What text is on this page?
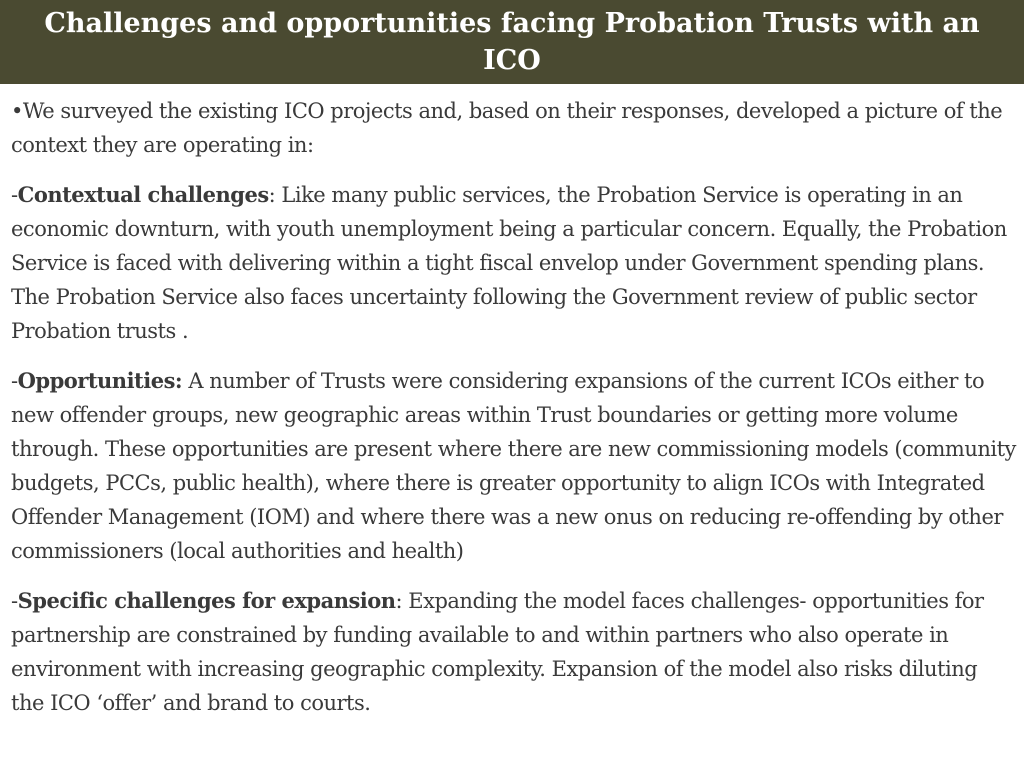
Challenges and opportunities facing Probation Trusts with an ICO

•We surveyed the existing ICO projects and, based on their responses, developed a picture of the context they are operating in:

-Contextual challenges: Like many public services, the Probation Service is operating in an economic downturn, with youth unemployment being a particular concern. Equally, the Probation Service is faced with delivering within a tight fiscal envelop under Government spending plans. The Probation Service also faces uncertainty following the Government review of public sector Probation trusts .

-Opportunities: A number of Trusts were considering expansions of the current ICOs either to new offender groups, new geographic areas within Trust boundaries or getting more volume through. These opportunities are present where there are new commissioning models (community budgets, PCCs, public health), where there is greater opportunity to align ICOs with Integrated Offender Management (IOM) and where there was a new onus on reducing re-offending by other commissioners (local authorities and health)

-Specific challenges for expansion: Expanding the model faces challenges- opportunities for partnership are constrained by funding available to and within partners who also operate in environment with increasing geographic complexity. Expansion of the model also risks diluting the ICO ‘offer’ and brand to courts.
